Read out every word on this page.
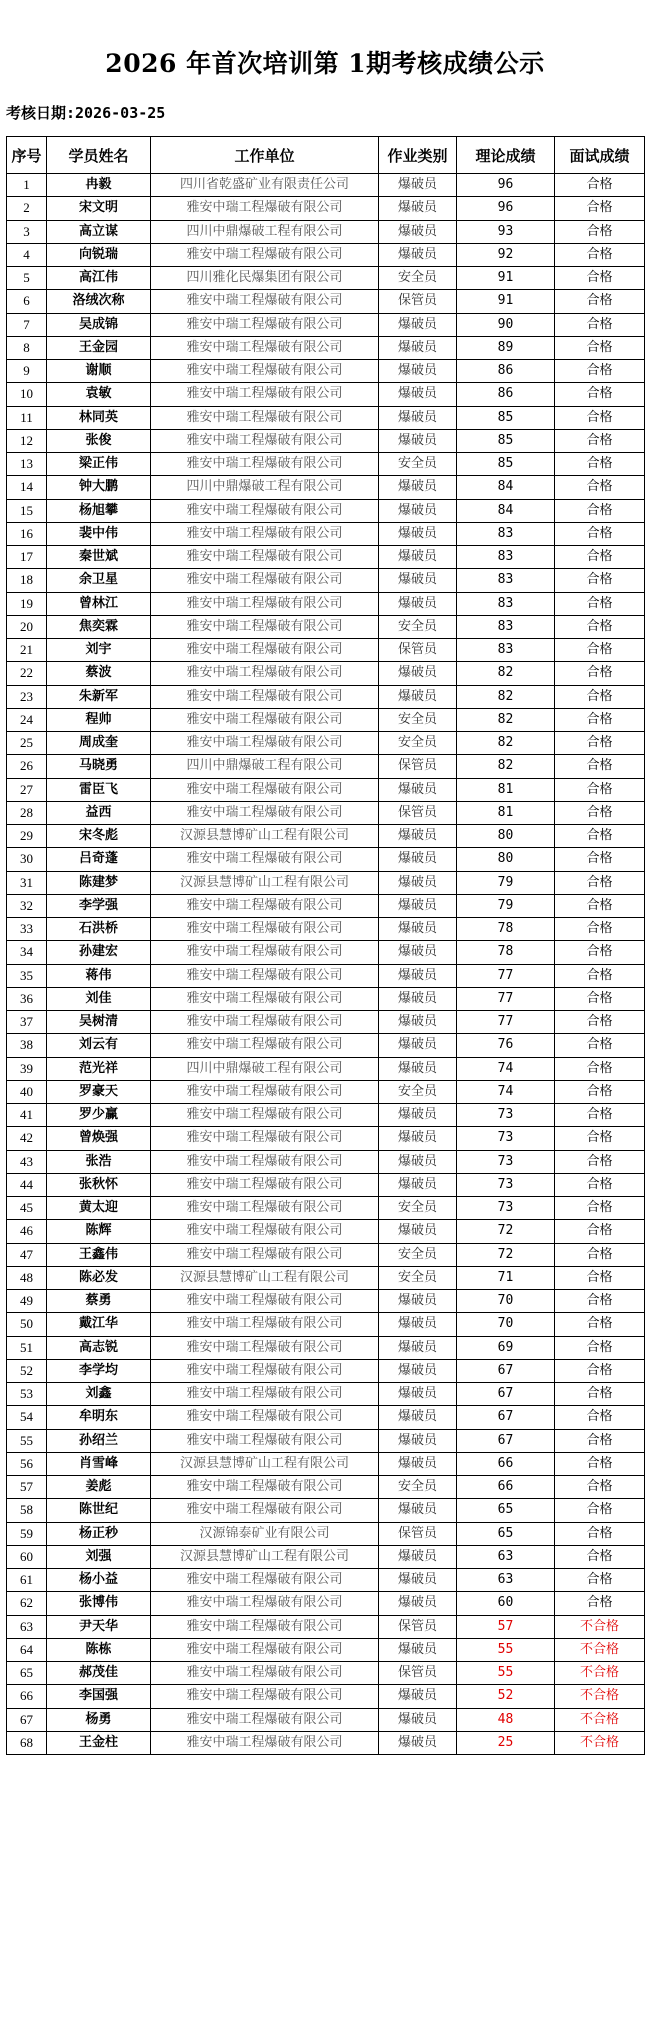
2026 年首次培训第 1期考核成绩公示
考核日期:2026-03-25
序号	学员姓名	工作单位	作业类别	理论成绩	面试成绩
1	冉毅	四川省乾盛矿业有限责任公司	爆破员	96	合格
2	宋文明	雅安中瑞工程爆破有限公司	爆破员	96	合格
3	高立谋	四川中鼎爆破工程有限公司	爆破员	93	合格
4	向锐瑞	雅安中瑞工程爆破有限公司	爆破员	92	合格
5	高江伟	四川雅化民爆集团有限公司	安全员	91	合格
6	洛绒次称	雅安中瑞工程爆破有限公司	保管员	91	合格
7	吴成锦	雅安中瑞工程爆破有限公司	爆破员	90	合格
8	王金园	雅安中瑞工程爆破有限公司	爆破员	89	合格
9	谢顺	雅安中瑞工程爆破有限公司	爆破员	86	合格
10	袁敏	雅安中瑞工程爆破有限公司	爆破员	86	合格
11	林同英	雅安中瑞工程爆破有限公司	爆破员	85	合格
12	张俊	雅安中瑞工程爆破有限公司	爆破员	85	合格
13	梁正伟	雅安中瑞工程爆破有限公司	安全员	85	合格
14	钟大鹏	四川中鼎爆破工程有限公司	爆破员	84	合格
15	杨旭攀	雅安中瑞工程爆破有限公司	爆破员	84	合格
16	裴中伟	雅安中瑞工程爆破有限公司	爆破员	83	合格
17	秦世斌	雅安中瑞工程爆破有限公司	爆破员	83	合格
18	余卫星	雅安中瑞工程爆破有限公司	爆破员	83	合格
19	曾林江	雅安中瑞工程爆破有限公司	爆破员	83	合格
20	焦奕霖	雅安中瑞工程爆破有限公司	安全员	83	合格
21	刘宇	雅安中瑞工程爆破有限公司	保管员	83	合格
22	蔡波	雅安中瑞工程爆破有限公司	爆破员	82	合格
23	朱新军	雅安中瑞工程爆破有限公司	爆破员	82	合格
24	程帅	雅安中瑞工程爆破有限公司	安全员	82	合格
25	周成奎	雅安中瑞工程爆破有限公司	安全员	82	合格
26	马晓勇	四川中鼎爆破工程有限公司	保管员	82	合格
27	雷臣飞	雅安中瑞工程爆破有限公司	爆破员	81	合格
28	益西	雅安中瑞工程爆破有限公司	保管员	81	合格
29	宋冬彪	汉源县慧博矿山工程有限公司	爆破员	80	合格
30	吕奇蓬	雅安中瑞工程爆破有限公司	爆破员	80	合格
31	陈建梦	汉源县慧博矿山工程有限公司	爆破员	79	合格
32	李学强	雅安中瑞工程爆破有限公司	爆破员	79	合格
33	石洪桥	雅安中瑞工程爆破有限公司	爆破员	78	合格
34	孙建宏	雅安中瑞工程爆破有限公司	爆破员	78	合格
35	蒋伟	雅安中瑞工程爆破有限公司	爆破员	77	合格
36	刘佳	雅安中瑞工程爆破有限公司	爆破员	77	合格
37	吴树清	雅安中瑞工程爆破有限公司	爆破员	77	合格
38	刘云有	雅安中瑞工程爆破有限公司	爆破员	76	合格
39	范光祥	四川中鼎爆破工程有限公司	爆破员	74	合格
40	罗豪天	雅安中瑞工程爆破有限公司	安全员	74	合格
41	罗少赢	雅安中瑞工程爆破有限公司	爆破员	73	合格
42	曾焕强	雅安中瑞工程爆破有限公司	爆破员	73	合格
43	张浩	雅安中瑞工程爆破有限公司	爆破员	73	合格
44	张秋怀	雅安中瑞工程爆破有限公司	爆破员	73	合格
45	黄太迎	雅安中瑞工程爆破有限公司	安全员	73	合格
46	陈辉	雅安中瑞工程爆破有限公司	爆破员	72	合格
47	王鑫伟	雅安中瑞工程爆破有限公司	安全员	72	合格
48	陈必发	汉源县慧博矿山工程有限公司	安全员	71	合格
49	蔡勇	雅安中瑞工程爆破有限公司	爆破员	70	合格
50	戴江华	雅安中瑞工程爆破有限公司	爆破员	70	合格
51	高志锐	雅安中瑞工程爆破有限公司	爆破员	69	合格
52	李学均	雅安中瑞工程爆破有限公司	爆破员	67	合格
53	刘鑫	雅安中瑞工程爆破有限公司	爆破员	67	合格
54	牟明东	雅安中瑞工程爆破有限公司	爆破员	67	合格
55	孙绍兰	雅安中瑞工程爆破有限公司	爆破员	67	合格
56	肖雪峰	汉源县慧博矿山工程有限公司	爆破员	66	合格
57	姜彪	雅安中瑞工程爆破有限公司	安全员	66	合格
58	陈世纪	雅安中瑞工程爆破有限公司	爆破员	65	合格
59	杨正秒	汉源锦泰矿业有限公司	保管员	65	合格
60	刘强	汉源县慧博矿山工程有限公司	爆破员	63	合格
61	杨小益	雅安中瑞工程爆破有限公司	爆破员	63	合格
62	张博伟	雅安中瑞工程爆破有限公司	爆破员	60	合格
63	尹天华	雅安中瑞工程爆破有限公司	保管员	57	不合格
64	陈栋	雅安中瑞工程爆破有限公司	爆破员	55	不合格
65	郝茂佳	雅安中瑞工程爆破有限公司	保管员	55	不合格
66	李国强	雅安中瑞工程爆破有限公司	爆破员	52	不合格
67	杨勇	雅安中瑞工程爆破有限公司	爆破员	48	不合格
68	王金柱	雅安中瑞工程爆破有限公司	爆破员	25	不合格
